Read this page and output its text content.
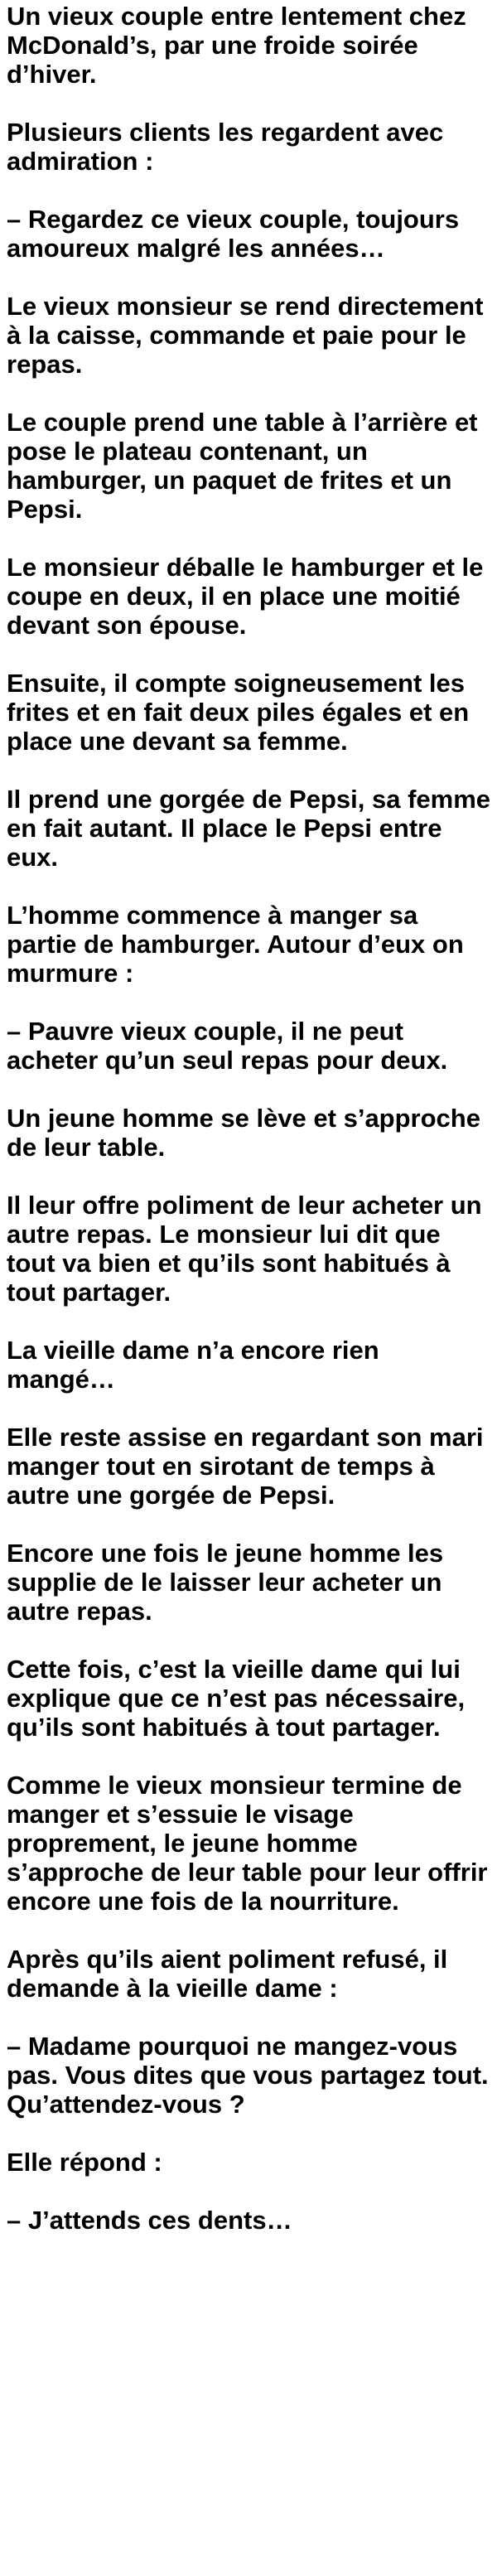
Un vieux couple entre lentement chez McDonald’s, par une froide soirée d’hiver.

Plusieurs clients les regardent avec admiration :

– Regardez ce vieux couple, toujours amoureux malgré les années…

Le vieux monsieur se rend directement à la caisse, commande et paie pour le repas.

Le couple prend une table à l’arrière et pose le plateau contenant, un hamburger, un paquet de frites et un Pepsi.

Le monsieur déballe le hamburger et le coupe en deux, il en place une moitié devant son épouse.

Ensuite, il compte soigneusement les frites et en fait deux piles égales et en place une devant sa femme.

Il prend une gorgée de Pepsi, sa femme en fait autant. Il place le Pepsi entre eux.

L’homme commence à manger sa partie de hamburger. Autour d’eux on murmure :

– Pauvre vieux couple, il ne peut acheter qu’un seul repas pour deux.

Un jeune homme se lève et s’approche de leur table.

Il leur offre poliment de leur acheter un autre repas. Le monsieur lui dit que tout va bien et qu’ils sont habitués à tout partager.

La vieille dame n’a encore rien mangé…

Elle reste assise en regardant son mari manger tout en sirotant de temps à autre une gorgée de Pepsi.

Encore une fois le jeune homme les supplie de le laisser leur acheter un autre repas.

Cette fois, c’est la vieille dame qui lui explique que ce n’est pas nécessaire, qu’ils sont habitués à tout partager.

Comme le vieux monsieur termine de manger et s’essuie le visage proprement, le jeune homme s’approche de leur table pour leur offrir encore une fois de la nourriture.

Après qu’ils aient poliment refusé, il demande à la vieille dame :

– Madame pourquoi ne mangez-vous pas. Vous dites que vous partagez tout. Qu’attendez-vous ?

Elle répond :

– J’attends ces dents…
